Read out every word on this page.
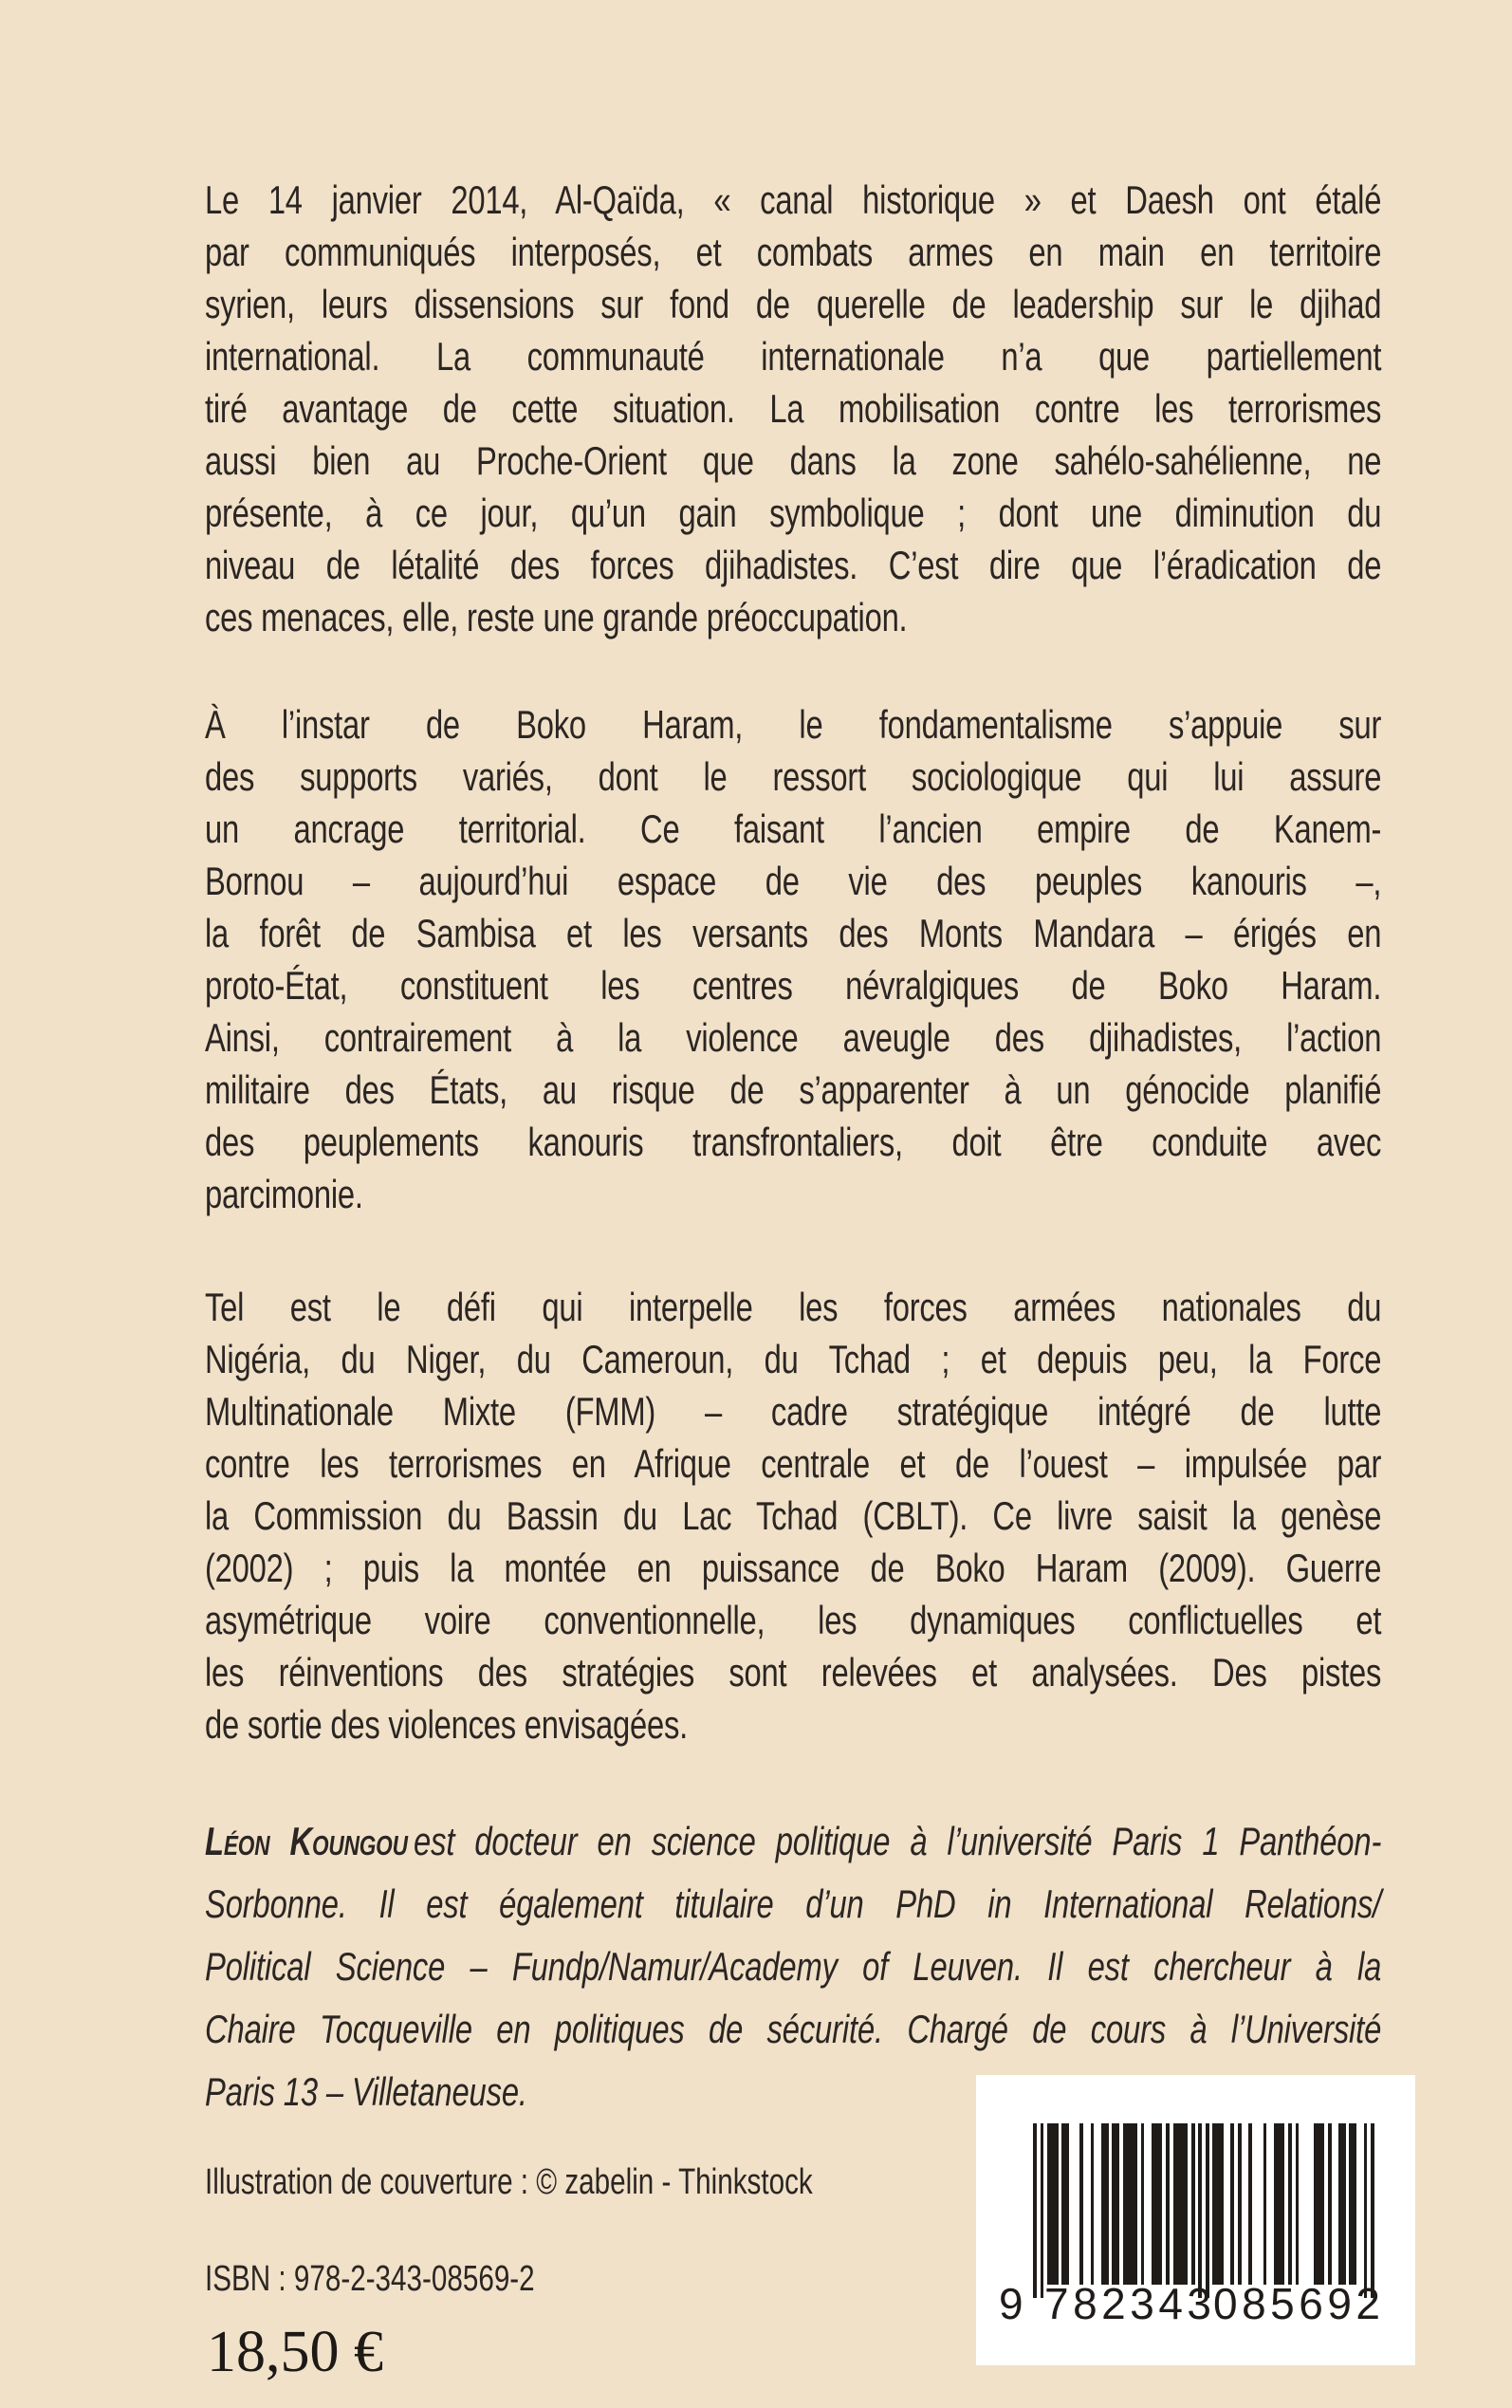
Le 14 janvier 2014, Al-Qaïda, « canal historique » et Daesh ont étalé
par communiqués interposés, et combats armes en main en territoire
syrien, leurs dissensions sur fond de querelle de leadership sur le djihad
international. La communauté internationale n’a que partiellement
tiré avantage de cette situation. La mobilisation contre les terrorismes
aussi bien au Proche-Orient que dans la zone sahélo-sahélienne, ne
présente, à ce jour, qu’un gain symbolique ; dont une diminution du
niveau de létalité des forces djihadistes. C’est dire que l’éradication de
ces menaces, elle, reste une grande préoccupation.
À l’instar de Boko Haram, le fondamentalisme s’appuie sur
des supports variés, dont le ressort sociologique qui lui assure
un ancrage territorial. Ce faisant l’ancien empire de Kanem-
Bornou – aujourd’hui espace de vie des peuples kanouris –,
la forêt de Sambisa et les versants des Monts Mandara – érigés en
proto-État, constituent les centres névralgiques de Boko Haram.
Ainsi, contrairement à la violence aveugle des djihadistes, l’action
militaire des États, au risque de s’apparenter à un génocide planifié
des peuplements kanouris transfrontaliers, doit être conduite avec
parcimonie.
Tel est le défi qui interpelle les forces armées nationales du
Nigéria, du Niger, du Cameroun, du Tchad ; et depuis peu, la Force
Multinationale Mixte (FMM) – cadre stratégique intégré de lutte
contre les terrorismes en Afrique centrale et de l’ouest – impulsée par
la Commission du Bassin du Lac Tchad (CBLT). Ce livre saisit la genèse
(2002) ; puis la montée en puissance de Boko Haram (2009). Guerre
asymétrique voire conventionnelle, les dynamiques conflictuelles et
les réinventions des stratégies sont relevées et analysées. Des pistes
de sortie des violences envisagées.
Léon Koungou est docteur en science politique à l’université Paris 1 Panthéon-
Sorbonne. Il est également titulaire d’un PhD in International Relations/
Political Science – Fundp/Namur/Academy of Leuven. Il est chercheur à la
Chaire Tocqueville en politiques de sécurité. Chargé de cours à l’Université
Paris 13 – Villetaneuse.
Illustration de couverture : © zabelin - Thinkstock
ISBN : 978-2-343-08569-2
18,50 €
9 782343
085692
